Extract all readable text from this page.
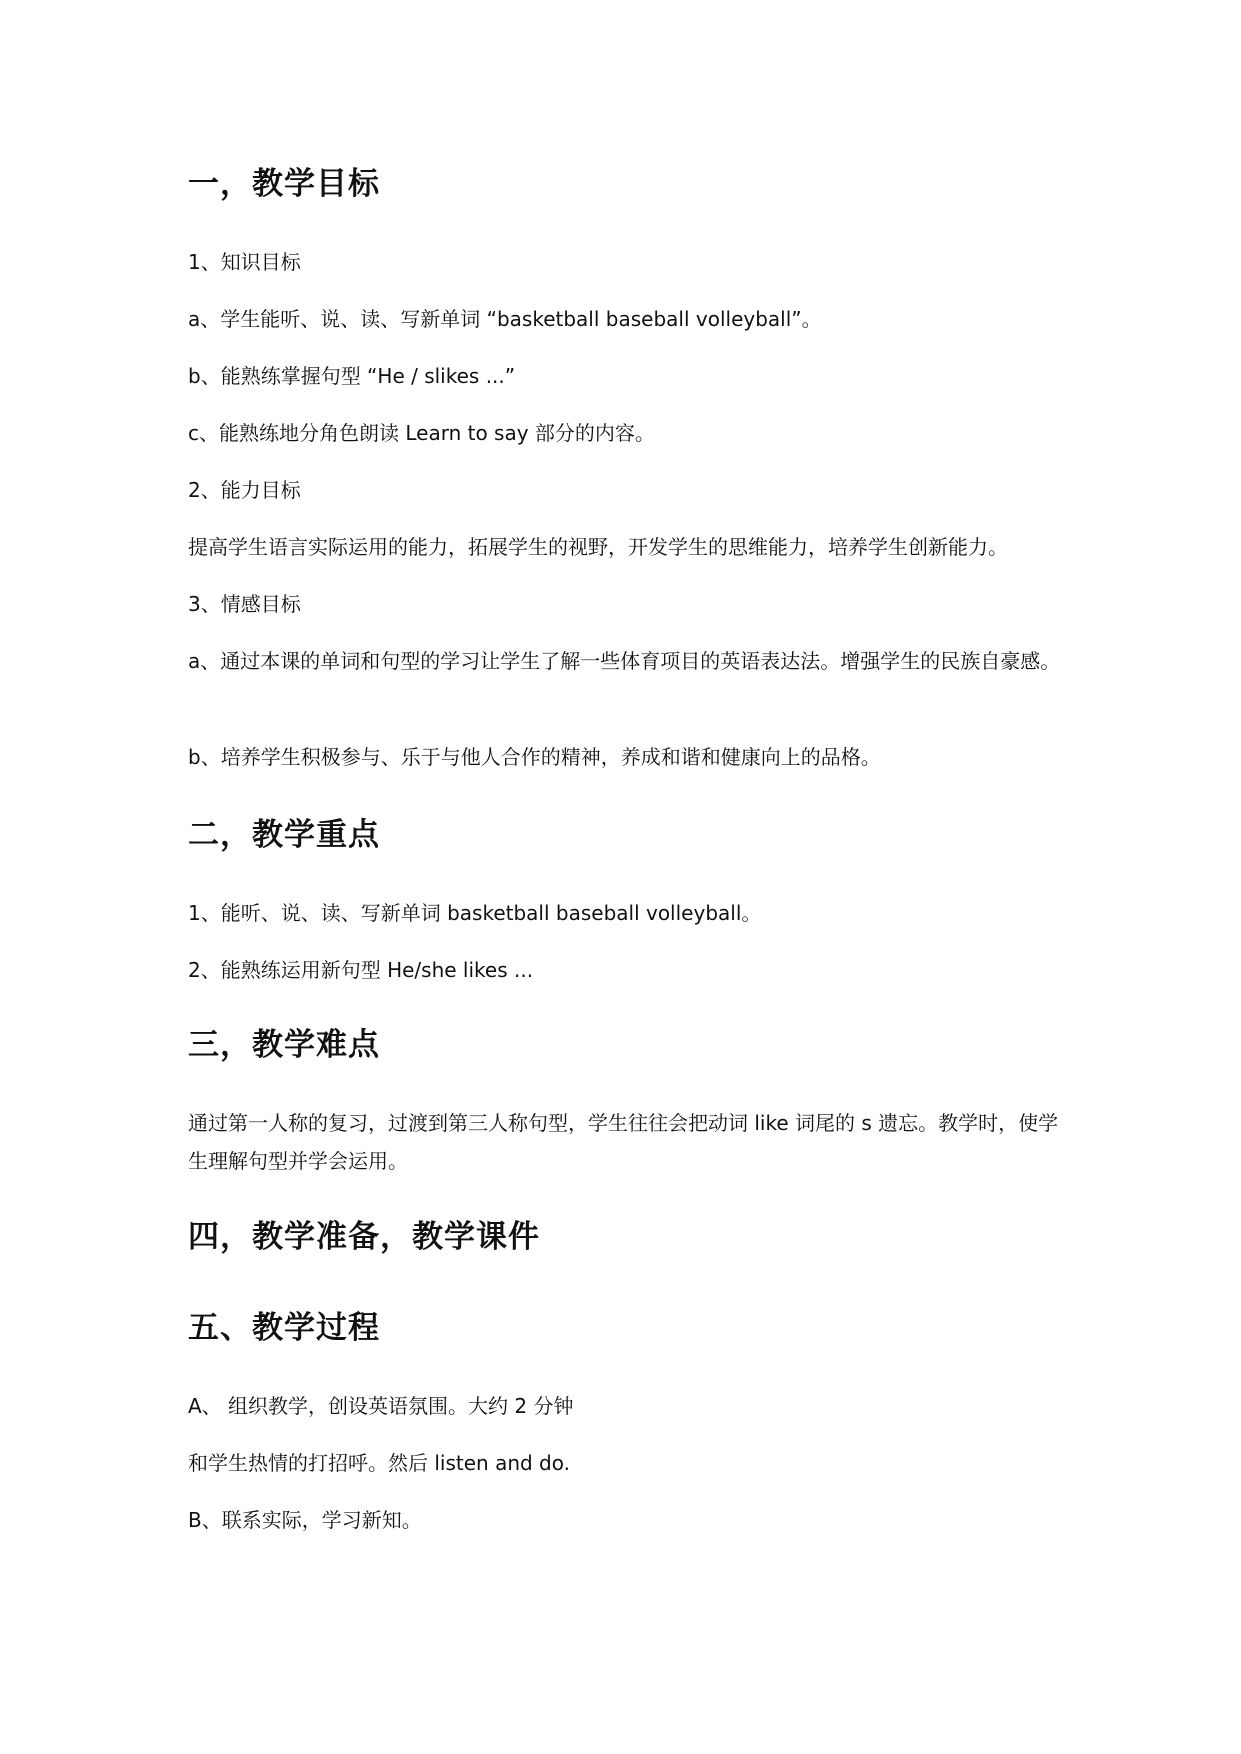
一，教学目标
1、知识目标
a、学生能听、说、读、写新单词 “basketball baseball volleyball”。
b、能熟练掌握句型 “He / slikes ...”
c、能熟练地分角色朗读 Learn to say 部分的内容。
2、能力目标
提高学生语言实际运用的能力，拓展学生的视野，开发学生的思维能力，培养学生创新能力。
3、情感目标
a、通过本课的单词和句型的学习让学生了解一些体育项目的英语表达法。增强学生的民族自豪感。
b、培养学生积极参与、乐于与他人合作的精神，养成和谐和健康向上的品格。
二，教学重点
1、能听、说、读、写新单词 basketball baseball volleyball。
2、能熟练运用新句型 He/she likes ...
三，教学难点
通过第一人称的复习，过渡到第三人称句型，学生往往会把动词 like 词尾的 s 遗忘。教学时，使学生理解句型并学会运用。
四，教学准备，教学课件
五、教学过程
A、 组织教学，创设英语氛围。大约 2 分钟
和学生热情的打招呼。然后 listen and do.
B、联系实际，学习新知。
